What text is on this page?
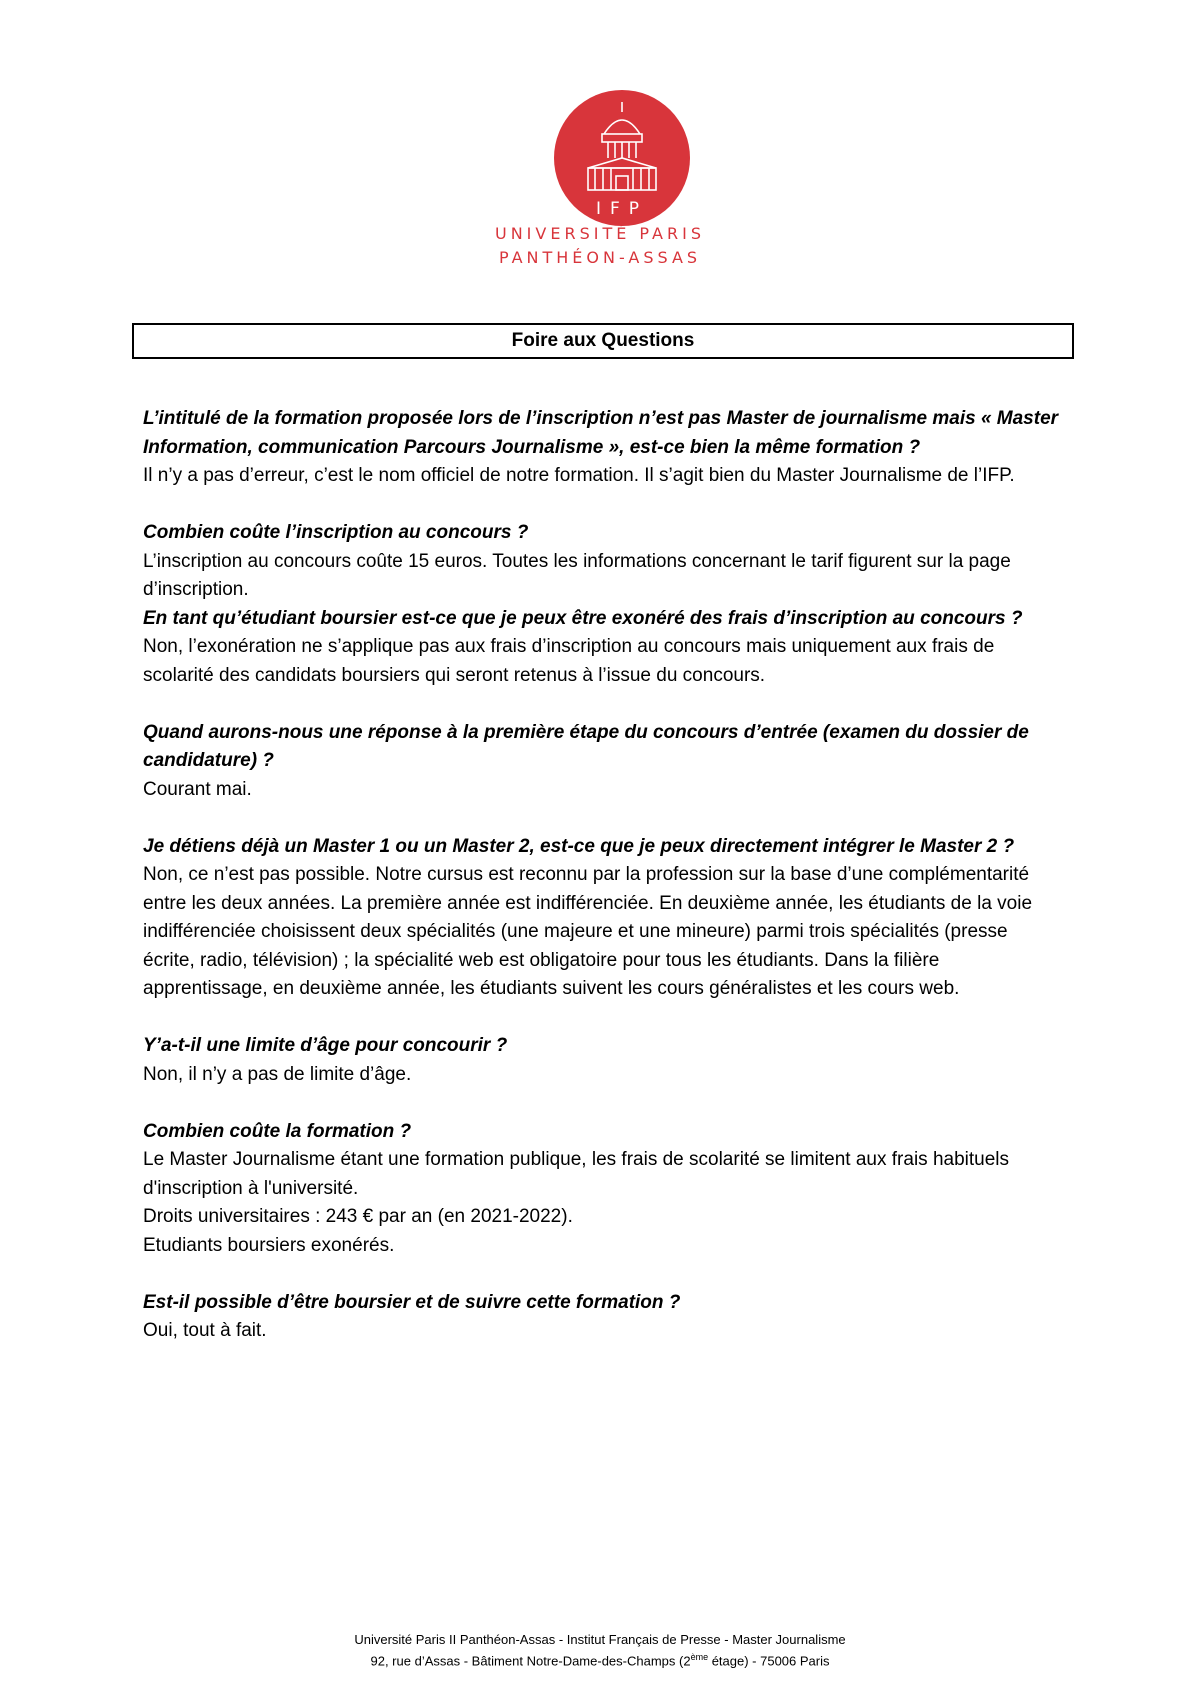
IFP
UNIVERSITÉ PARIS
PANTHÉON-ASSAS
Foire aux Questions

L’intitulé de la formation proposée lors de l’inscription n’est pas Master de journalisme mais « Master Information, communication Parcours Journalisme », est-ce bien la même formation ?

Il n’y a pas d’erreur, c’est le nom officiel de notre formation. Il s’agit bien du Master Journalisme de l’IFP.

Combien coûte l’inscription au concours ?

L’inscription au concours coûte 15 euros. Toutes les informations concernant le tarif figurent sur la page d’inscription.

En tant qu’étudiant boursier est-ce que je peux être exonéré des frais d’inscription au concours ?

Non, l’exonération ne s’applique pas aux frais d’inscription au concours mais uniquement aux frais de scolarité des candidats boursiers qui seront retenus à l’issue du concours.

Quand aurons-nous une réponse à la première étape du concours d’entrée (examen du dossier de candidature) ?

Courant mai.

Je détiens déjà un Master 1 ou un Master 2, est-ce que je peux directement intégrer le Master 2 ?

Non, ce n’est pas possible. Notre cursus est reconnu par la profession sur la base d’une complémentarité entre les deux années. La première année est indifférenciée. En deuxième année, les étudiants de la voie indifférenciée choisissent deux spécialités (une majeure et une mineure) parmi trois spécialités (presse écrite, radio, télévision) ; la spécialité web est obligatoire pour tous les étudiants. Dans la filière apprentissage, en deuxième année, les étudiants suivent les cours généralistes et les cours web.

Y’a-t-il une limite d’âge pour concourir ?

Non, il n’y a pas de limite d’âge.

Combien coûte la formation ?

Le Master Journalisme étant une formation publique, les frais de scolarité se limitent aux frais habituels d'inscription à l'université.

Droits universitaires : 243 € par an (en 2021-2022).

Etudiants boursiers exonérés.

Est-il possible d’être boursier et de suivre cette formation ?

Oui, tout à fait.

Université Paris II Panthéon-Assas - Institut Français de Presse - Master Journalisme
92, rue d’Assas - Bâtiment Notre-Dame-des-Champs (2ème étage) - 75006 Paris
